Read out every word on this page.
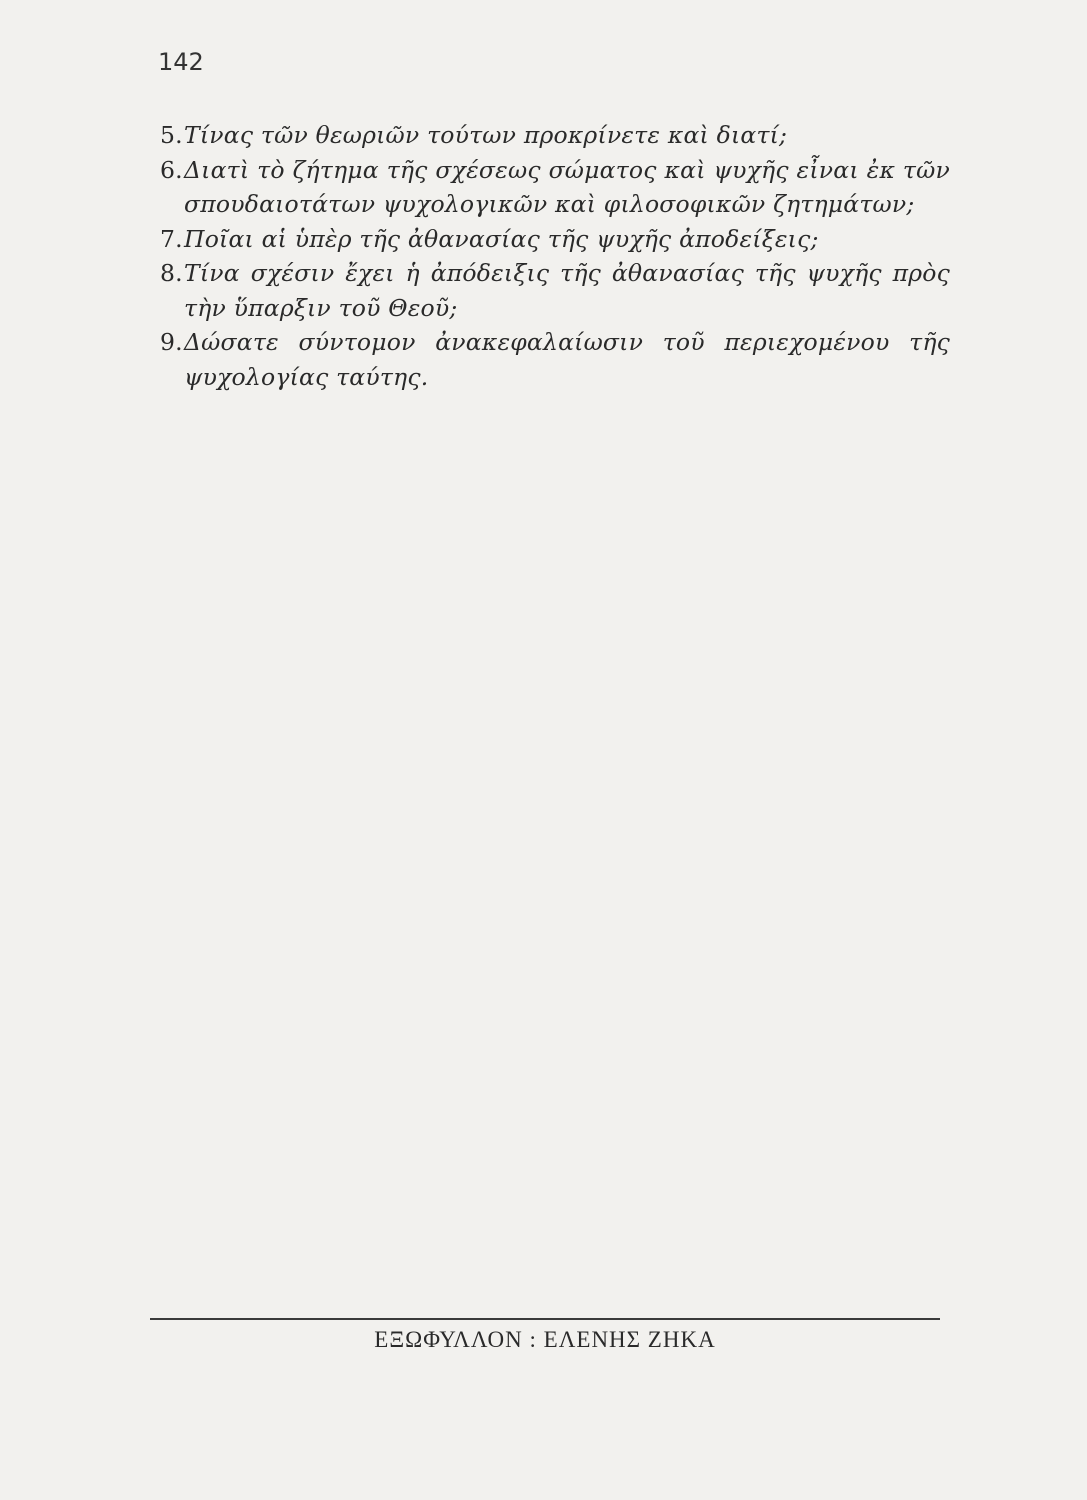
142
5. Τίνας τῶν θεωριῶν τούτων προκρίνετε καὶ διατί;
6. Διατὶ τὸ ζήτημα τῆς σχέσεως σώματος καὶ ψυχῆς εἶναι ἐκ τῶν σπουδαιοτάτων ψυχολογικῶν καὶ φιλοσοφικῶν ζητημάτων;
7. Ποῖαι αἱ ὑπὲρ τῆς ἀθανασίας τῆς ψυχῆς ἀποδείξεις;
8. Τίνα σχέσιν ἔχει ἡ ἀπόδειξις τῆς ἀθανασίας τῆς ψυχῆς πρὸς τὴν ὕπαρξιν τοῦ Θεοῦ;
9. Δώσατε σύντομον ἀνακεφαλαίωσιν τοῦ περιεχομένου τῆς ψυχολογίας ταύτης.
ΕΞΩΦΥΛΛΟΝ : ΕΛΕΝΗΣ ΖΗΚΑ
